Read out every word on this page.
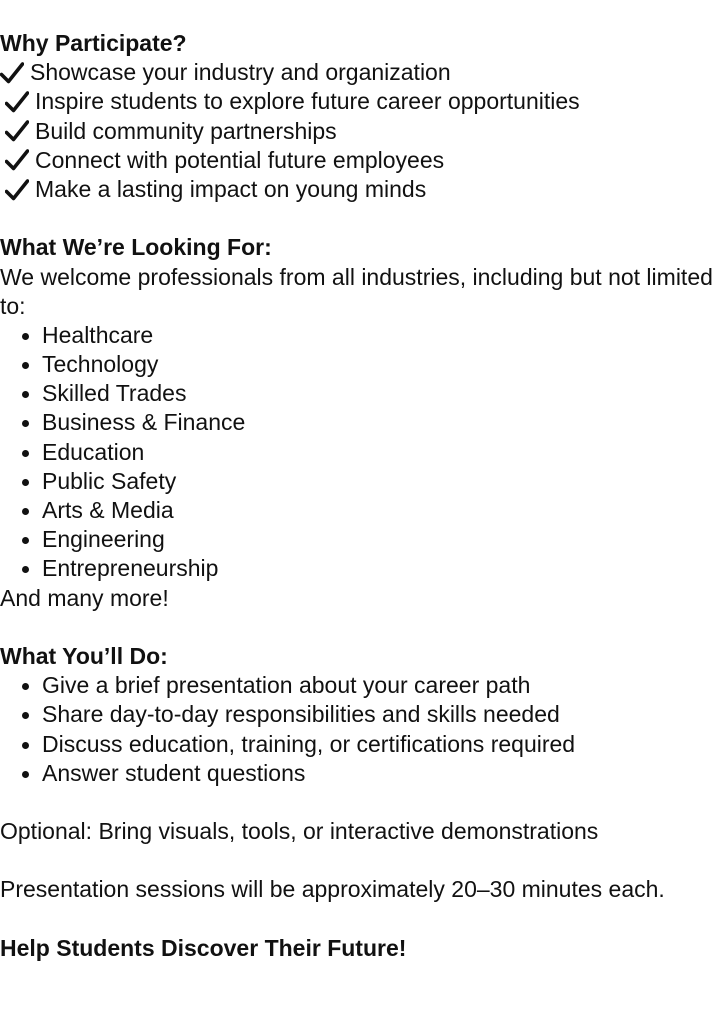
Why Participate?

Showcase your industry and organization
Inspire students to explore future career opportunities
Build community partnerships
Connect with potential future employees
Make a lasting impact on young minds

What We’re Looking For:

We welcome professionals from all industries, including but not limited to:

Healthcare
Technology
Skilled Trades
Business & Finance
Education
Public Safety
Arts & Media
Engineering
Entrepreneurship

And many more!

What You’ll Do:

Give a brief presentation about your career path
Share day-to-day responsibilities and skills needed
Discuss education, training, or certifications required
Answer student questions

Optional: Bring visuals, tools, or interactive demonstrations

Presentation sessions will be approximately 20–30 minutes each.

Help Students Discover Their Future!
